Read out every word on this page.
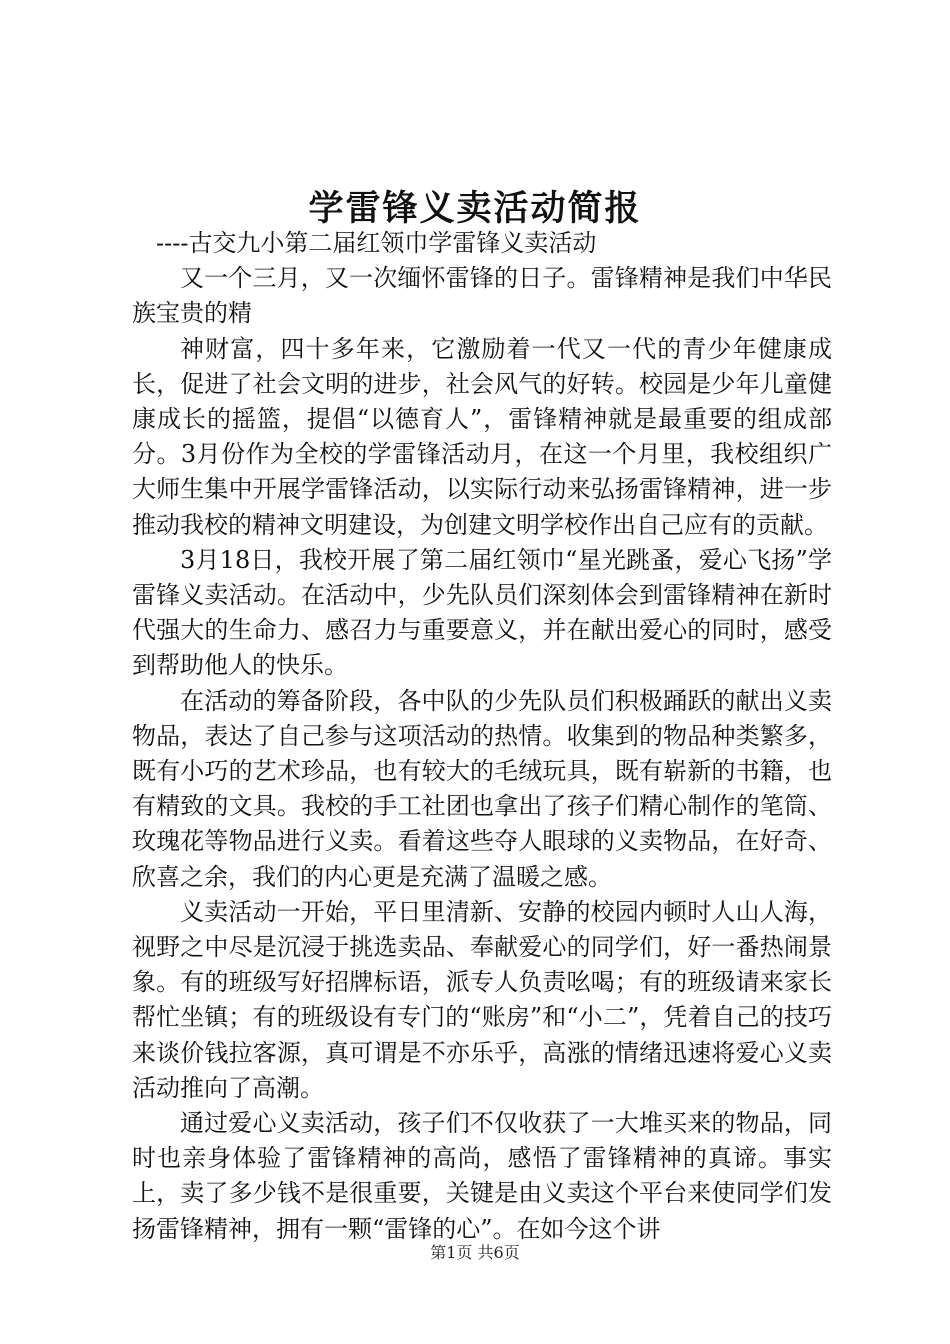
学雷锋义卖活动简报

----古交九小第二届红领巾学雷锋义卖活动

又一个三月，又一次缅怀雷锋的日子。雷锋精神是我们中华民族宝贵的精

神财富，四十多年来，它激励着一代又一代的青少年健康成长，促进了社会文明的进步，社会风气的好转。校园是少年儿童健康成长的摇篮，提倡“以德育人”，雷锋精神就是最重要的组成部分。3月份作为全校的学雷锋活动月，在这一个月里，我校组织广大师生集中开展学雷锋活动，以实际行动来弘扬雷锋精神，进一步推动我校的精神文明建设，为创建文明学校作出自己应有的贡献。

3月18日，我校开展了第二届红领巾“星光跳蚤，爱心飞扬”学雷锋义卖活动。在活动中，少先队员们深刻体会到雷锋精神在新时代强大的生命力、感召力与重要意义，并在献出爱心的同时，感受到帮助他人的快乐。

在活动的筹备阶段，各中队的少先队员们积极踊跃的献出义卖物品，表达了自己参与这项活动的热情。收集到的物品种类繁多，既有小巧的艺术珍品，也有较大的毛绒玩具，既有崭新的书籍，也有精致的文具。我校的手工社团也拿出了孩子们精心制作的笔筒、玫瑰花等物品进行义卖。看着这些夺人眼球的义卖物品，在好奇、欣喜之余，我们的内心更是充满了温暖之感。

义卖活动一开始，平日里清新、安静的校园内顿时人山人海，视野之中尽是沉浸于挑选卖品、奉献爱心的同学们，好一番热闹景象。有的班级写好招牌标语，派专人负责吆喝；有的班级请来家长帮忙坐镇；有的班级设有专门的“账房”和“小二”，凭着自己的技巧来谈价钱拉客源，真可谓是不亦乐乎，高涨的情绪迅速将爱心义卖活动推向了高潮。

通过爱心义卖活动，孩子们不仅收获了一大堆买来的物品，同时也亲身体验了雷锋精神的高尚，感悟了雷锋精神的真谛。事实上，卖了多少钱不是很重要，关键是由义卖这个平台来使同学们发扬雷锋精神，拥有一颗“雷锋的心”。在如今这个讲

第1页 共6页
